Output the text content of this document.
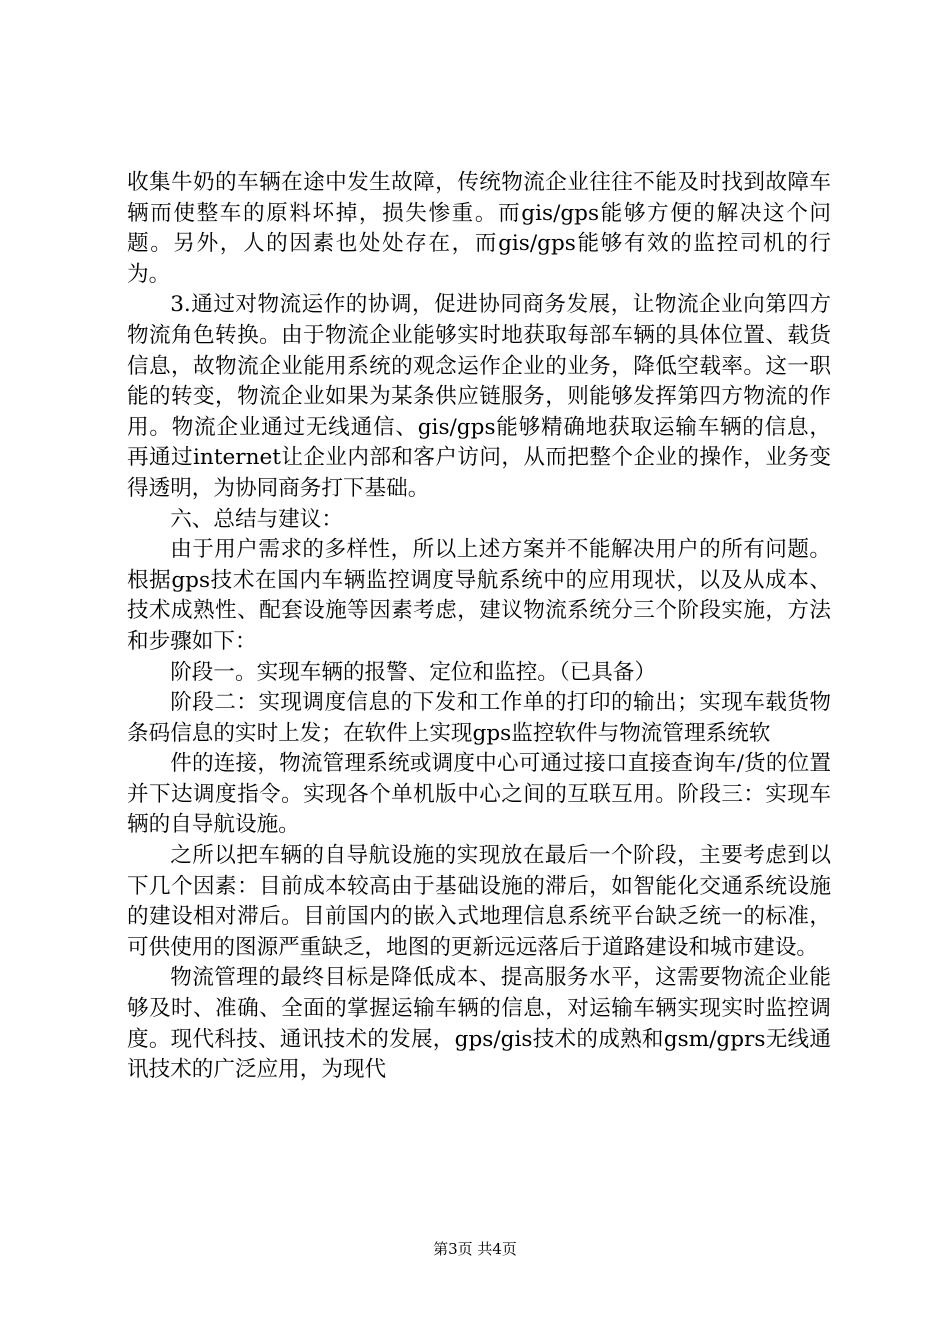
收集牛奶的车辆在途中发生故障，传统物流企业往往不能及时找到故障车辆而使整车的原料坏掉，损失惨重。而gis/gps能够方便的解决这个问题。另外，人的因素也处处存在，而gis/gps能够有效的监控司机的行为。

3.通过对物流运作的协调，促进协同商务发展，让物流企业向第四方物流角色转换。由于物流企业能够实时地获取每部车辆的具体位置、载货信息，故物流企业能用系统的观念运作企业的业务，降低空载率。这一职能的转变，物流企业如果为某条供应链服务，则能够发挥第四方物流的作用。物流企业通过无线通信、gis/gps能够精确地获取运输车辆的信息，再通过internet让企业内部和客户访问，从而把整个企业的操作，业务变得透明，为协同商务打下基础。

六、总结与建议：

由于用户需求的多样性，所以上述方案并不能解决用户的所有问题。根据gps技术在国内车辆监控调度导航系统中的应用现状，以及从成本、技术成熟性、配套设施等因素考虑，建议物流系统分三个阶段实施，方法和步骤如下：

阶段一。实现车辆的报警、定位和监控。（已具备）

阶段二：实现调度信息的下发和工作单的打印的输出；实现车载货物条码信息的实时上发；在软件上实现gps监控软件与物流管理系统软

件的连接，物流管理系统或调度中心可通过接口直接查询车/货的位置并下达调度指令。实现各个单机版中心之间的互联互用。阶段三：实现车辆的自导航设施。

之所以把车辆的自导航设施的实现放在最后一个阶段，主要考虑到以下几个因素：目前成本较高由于基础设施的滞后，如智能化交通系统设施的建设相对滞后。目前国内的嵌入式地理信息系统平台缺乏统一的标准，可供使用的图源严重缺乏，地图的更新远远落后于道路建设和城市建设。

物流管理的最终目标是降低成本、提高服务水平，这需要物流企业能够及时、准确、全面的掌握运输车辆的信息，对运输车辆实现实时监控调度。现代科技、通讯技术的发展，gps/gis技术的成熟和gsm/gprs无线通讯技术的广泛应用，为现代

第3页 共4页
